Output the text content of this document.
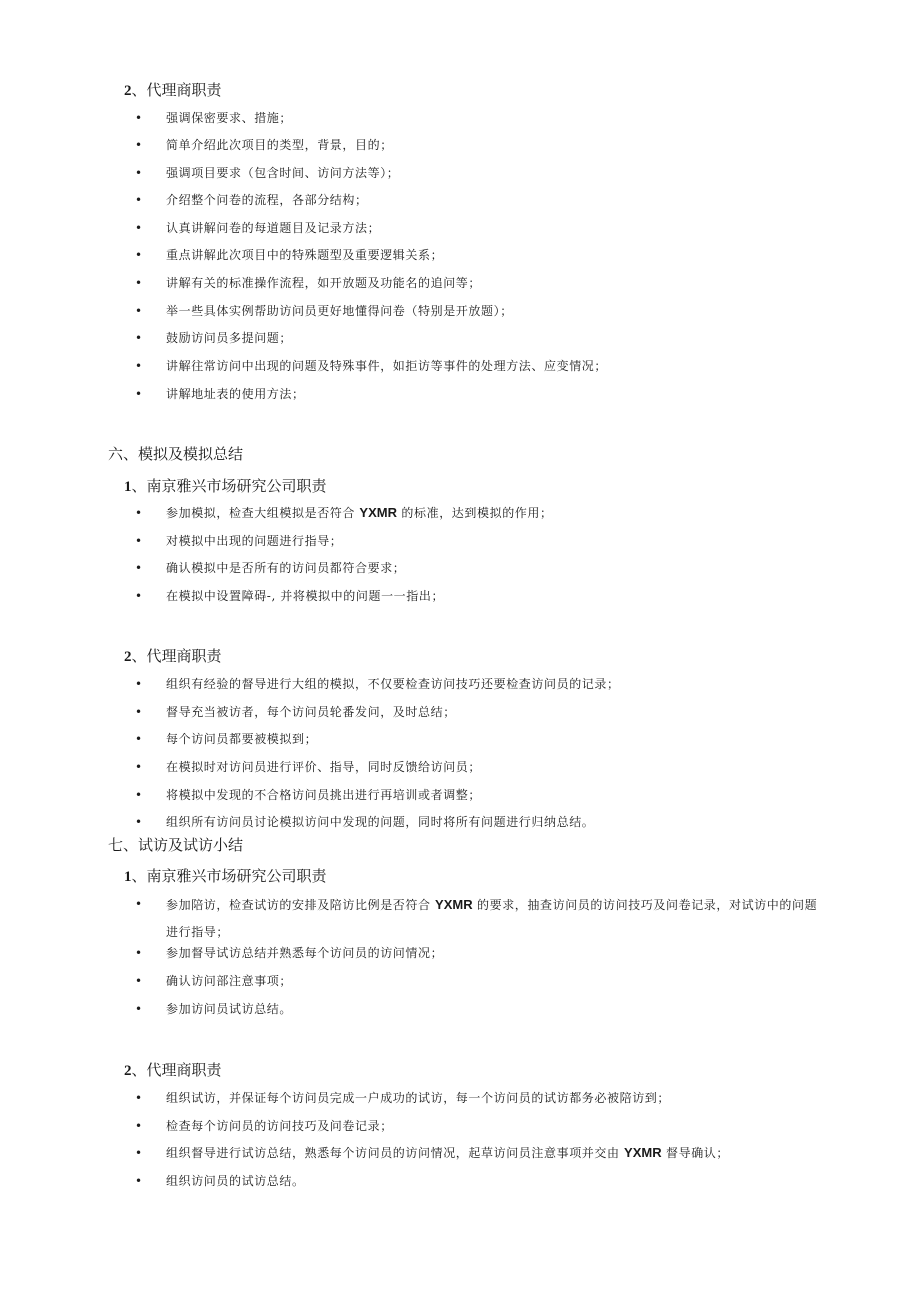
2、代理商职责
• 强调保密要求、措施；
• 简单介绍此次项目的类型，背景，目的；
• 强调项目要求（包含时间、访问方法等）；
• 介绍整个问卷的流程，各部分结构；
• 认真讲解问卷的每道题目及记录方法；
• 重点讲解此次项目中的特殊题型及重要逻辑关系；
• 讲解有关的标准操作流程，如开放题及功能名的追问等；
• 举一些具体实例帮助访问员更好地懂得问卷（特别是开放题）；
• 鼓励访问员多提问题；
• 讲解往常访问中出现的问题及特殊事件，如拒访等事件的处理方法、应变情况；
• 讲解地址表的使用方法；
六、模拟及模拟总结
1、南京雅兴市场研究公司职责
• 参加模拟，检查大组模拟是否符合 YXMR 的标准，达到模拟的作用；
• 对模拟中出现的问题进行指导；
• 确认模拟中是否所有的访问员都符合要求；
• 在模拟中设置障碍-, 并将模拟中的问题一一指出；
2、代理商职责
• 组织有经验的督导进行大组的模拟，不仅要检查访问技巧还要检查访问员的记录；
• 督导充当被访者，每个访问员轮番发问，及时总结；
• 每个访问员都要被模拟到；
• 在模拟时对访问员进行评价、指导，同时反馈给访问员；
• 将模拟中发现的不合格访问员挑出进行再培训或者调整；
• 组织所有访问员讨论模拟访问中发现的问题，同时将所有问题进行归纳总结。
七、试访及试访小结
1、南京雅兴市场研究公司职责
• 参加陪访，检查试访的安排及陪访比例是否符合 YXMR 的要求，抽查访问员的访问技巧及问卷记录，对试访中的问题进行指导；
• 参加督导试访总结并熟悉每个访问员的访问情况；
• 确认访问部注意事项；
• 参加访问员试访总结。
2、代理商职责
• 组织试访，并保证每个访问员完成一户成功的试访，每一个访问员的试访都务必被陪访到；
• 检查每个访问员的访问技巧及问卷记录；
• 组织督导进行试访总结，熟悉每个访问员的访问情况，起草访问员注意事项并交由 YXMR 督导确认；
• 组织访问员的试访总结。
